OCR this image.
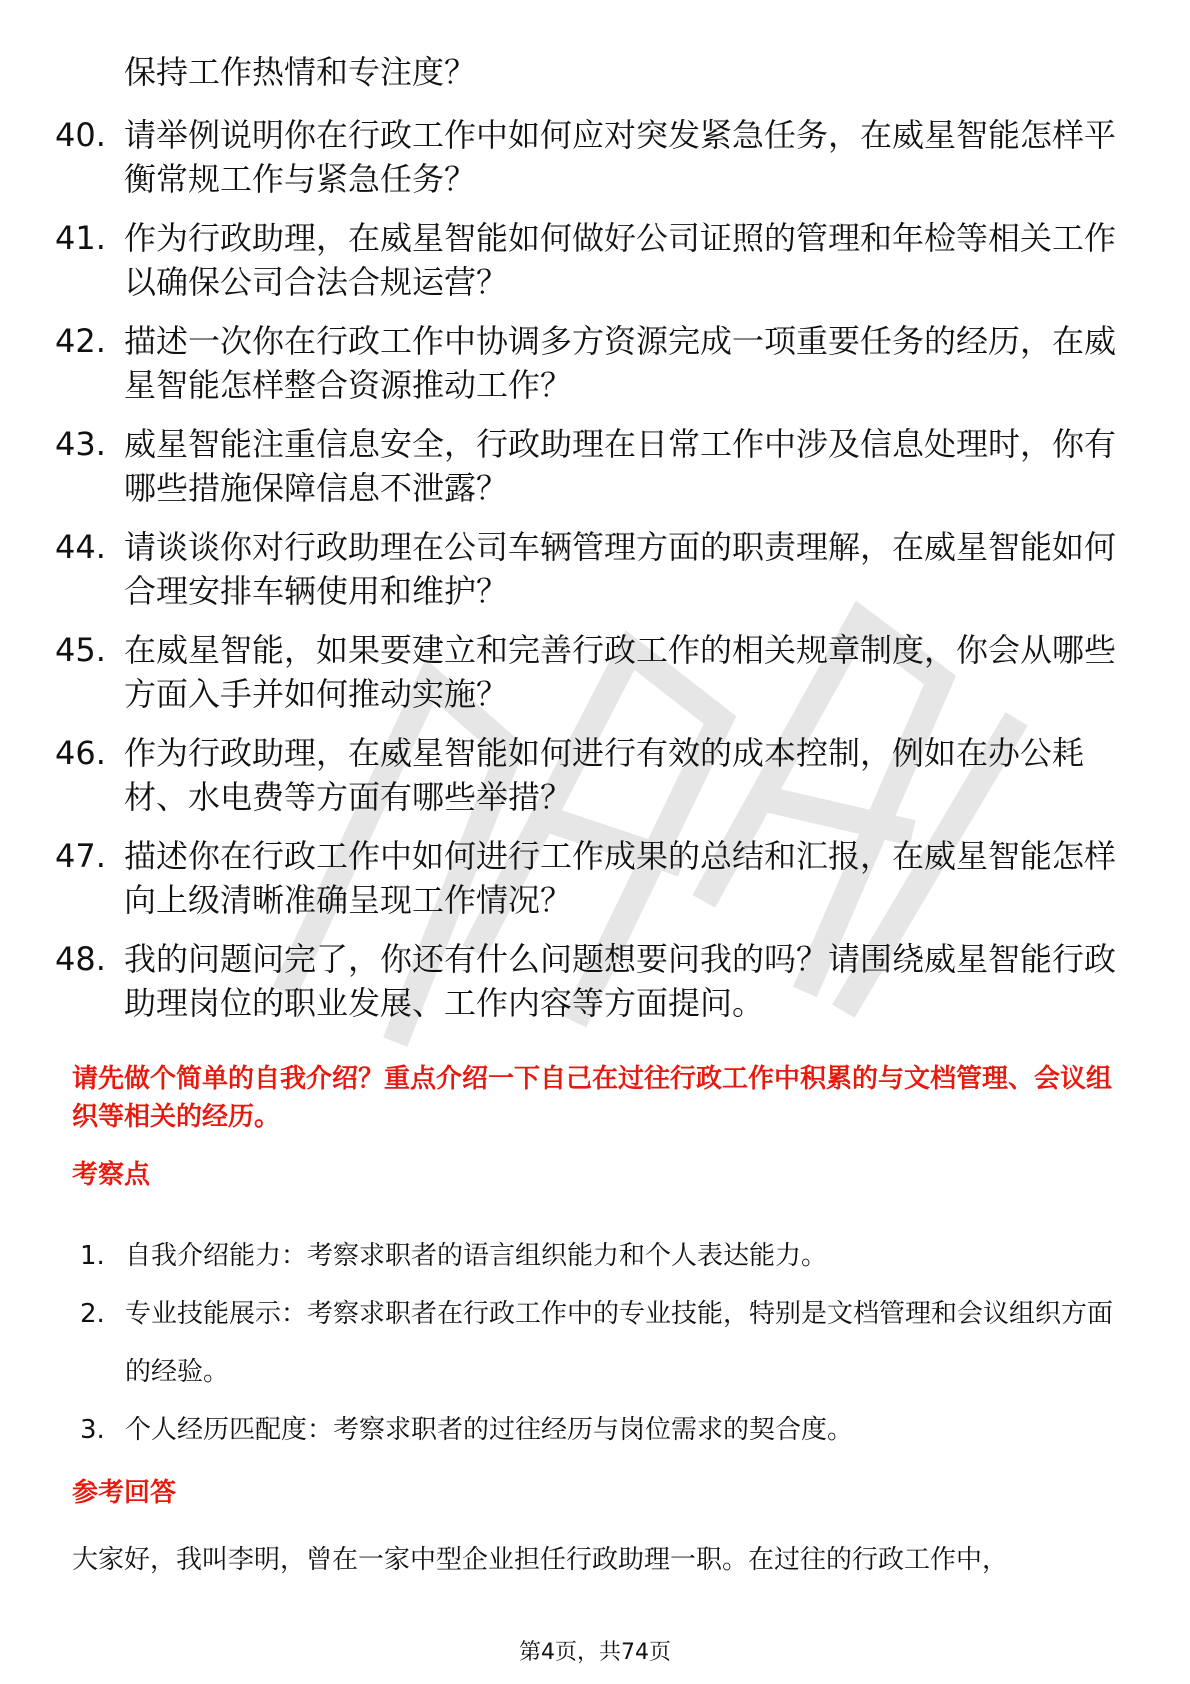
保持工作热情和专注度？
40. 请举例说明你在行政工作中如何应对突发紧急任务，在威星智能怎样平衡常规工作与紧急任务？
41. 作为行政助理，在威星智能如何做好公司证照的管理和年检等相关工作以确保公司合法合规运营？
42. 描述一次你在行政工作中协调多方资源完成一项重要任务的经历，在威星智能怎样整合资源推动工作？
43. 威星智能注重信息安全，行政助理在日常工作中涉及信息处理时，你有哪些措施保障信息不泄露？
44. 请谈谈你对行政助理在公司车辆管理方面的职责理解，在威星智能如何合理安排车辆使用和维护？
45. 在威星智能，如果要建立和完善行政工作的相关规章制度，你会从哪些方面入手并如何推动实施？
46. 作为行政助理，在威星智能如何进行有效的成本控制，例如在办公耗材、水电费等方面有哪些举措？
47. 描述你在行政工作中如何进行工作成果的总结和汇报，在威星智能怎样向上级清晰准确呈现工作情况？
48. 我的问题问完了，你还有什么问题想要问我的吗？请围绕威星智能行政助理岗位的职业发展、工作内容等方面提问。
请先做个简单的自我介绍？重点介绍一下自己在过往行政工作中积累的与文档管理、会议组织等相关的经历。
考察点
1. 自我介绍能力：考察求职者的语言组织能力和个人表达能力。
2. 专业技能展示：考察求职者在行政工作中的专业技能，特别是文档管理和会议组织方面的经验。
3. 个人经历匹配度：考察求职者的过往经历与岗位需求的契合度。
参考回答
大家好，我叫李明，曾在一家中型企业担任行政助理一职。在过往的行政工作中，
第4页，共74页
